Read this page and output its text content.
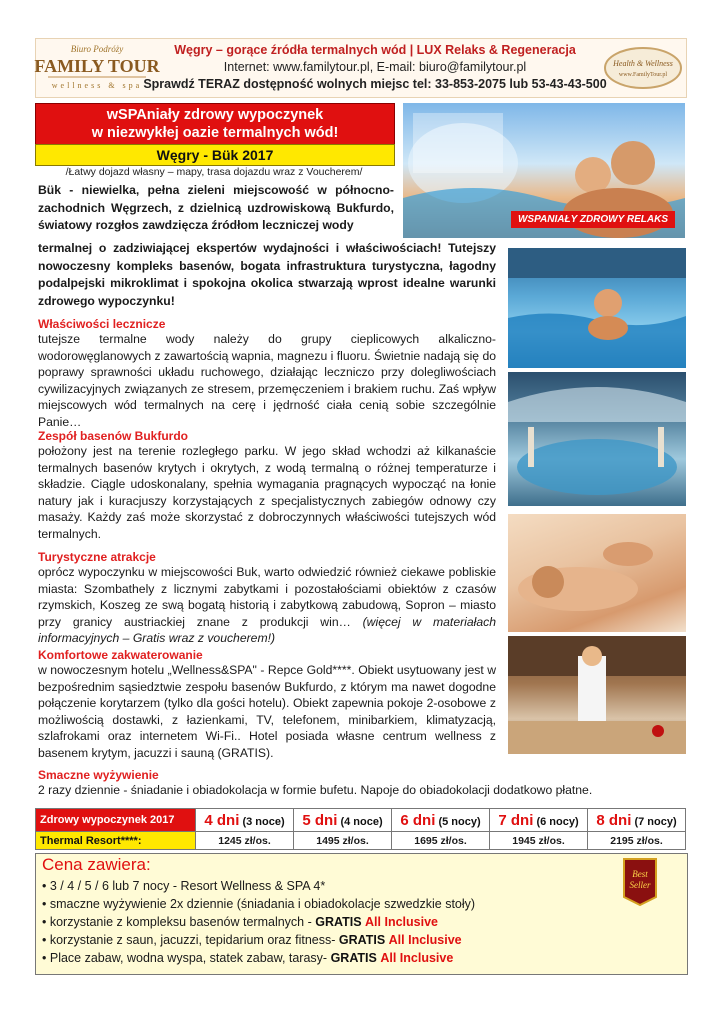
Biuro Podróży
FAMILY TOUR
wellness & spa
Health & Wellness
www.FamilyTour.pl
Węgry – gorące źródła termalnych wód | LUX Relaks & Regeneracja
Internet: www.familytour.pl, E-mail: biuro@familytour.pl
Sprawdź TERAZ dostępność wolnych miejsc tel: 33-853-2075 lub 53-43-43-500
wSPAniały zdrowy wypoczynek
w niezwykłej oazie termalnych wód!
Węgry - Bük 2017
/Łatwy dojazd własny – mapy, trasa dojazdu wraz z Voucherem/
WSPANIAŁY ZDROWY RELAKS
Bük - niewielka, pełna zieleni miejscowość w północno-zachodnich Węgrzech, z dzielnicą uzdrowiskową Bukfurdo, światowy rozgłos zawdzięcza źródłom leczniczej wody
termalnej o zadziwiającej ekspertów wydajności i właściwościach! Tutejszy nowoczesny kompleks basenów, bogata infrastruktura turystyczna, łagodny podalpejski mikroklimat i spokojna okolica stwarzają wprost idealne warunki zdrowego wypoczynku!
Właściwości lecznicze
tutejsze termalne wody należy do grupy cieplicowych alkaliczno-wodorowęglanowych z zawartością wapnia, magnezu i fluoru. Świetnie nadają się do poprawy sprawności układu ruchowego, działając leczniczo przy dolegliwościach cywilizacyjnych związanych ze stresem, przemęczeniem i brakiem ruchu. Zaś wpływ miejscowych wód termalnych na cerę i jędrność ciała cenią sobie szczególnie Panie…
Zespół basenów Bukfurdo
położony jest na terenie rozległego parku. W jego skład wchodzi aż kilkanaście termalnych basenów krytych i okrytych, z wodą termalną o różnej temperaturze i składzie. Ciągle udoskonalany, spełnia wymagania pragnących wypocząć na łonie natury jak i kuracjuszy korzystających z specjalistycznych zabiegów odnowy czy masaży. Każdy zaś może skorzystać z dobroczynnych właściwości tutejszych wód termalnych.
Turystyczne atrakcje
oprócz wypoczynku w miejscowości Buk, warto odwiedzić również ciekawe pobliskie miasta: Szombathely z licznymi zabytkami i pozostałościami obiektów z czasów rzymskich, Koszeg ze swą bogatą historią i zabytkową zabudową, Sopron – miasto przy granicy austriackiej znane z produkcji win… (więcej w materiałach informacyjnych – Gratis wraz z voucherem!)
Komfortowe zakwaterowanie
w nowoczesnym hotelu „Wellness&SPA" - Repce Gold****. Obiekt usytuowany jest w bezpośrednim sąsiedztwie zespołu basenów Bukfurdo, z którym ma nawet dogodne połączenie korytarzem (tylko dla gości hotelu). Obiekt zapewnia pokoje 2-osobowe z możliwością dostawki, z łazienkami, TV, telefonem, minibarkiem, klimatyzacją, szlafrokami oraz internetem Wi-Fi.. Hotel posiada własne centrum wellness z basenem krytym, jacuzzi i sauną (GRATIS).
Smaczne wyżywienie
2 razy dziennie - śniadanie i obiadokolacja w formie bufetu. Napoje do obiadokolacji dodatkowo płatne.
Zdrowy wypoczynek 2017	4 dni (3 noce)	5 dni (4 noce)	6 dni (5 nocy)	7 dni (6 nocy)	8 dni (7 nocy)
Thermal Resort****:	1245 zł/os.	1495 zł/os.	1695 zł/os.	1945 zł/os.	2195 zł/os.
Cena zawiera:
• 3 / 4 / 5 / 6 lub 7 nocy - Resort Wellness & SPA 4*
• smaczne wyżywienie 2x dziennie (śniadania i obiadokolacje szwedzkie stoły)
• korzystanie z kompleksu basenów termalnych - GRATIS All Inclusive
• korzystanie z saun, jacuzzi, tepidarium oraz fitness- GRATIS All Inclusive
• Place zabaw, wodna wyspa, statek zabaw, tarasy- GRATIS All Inclusive
Best
Seller
